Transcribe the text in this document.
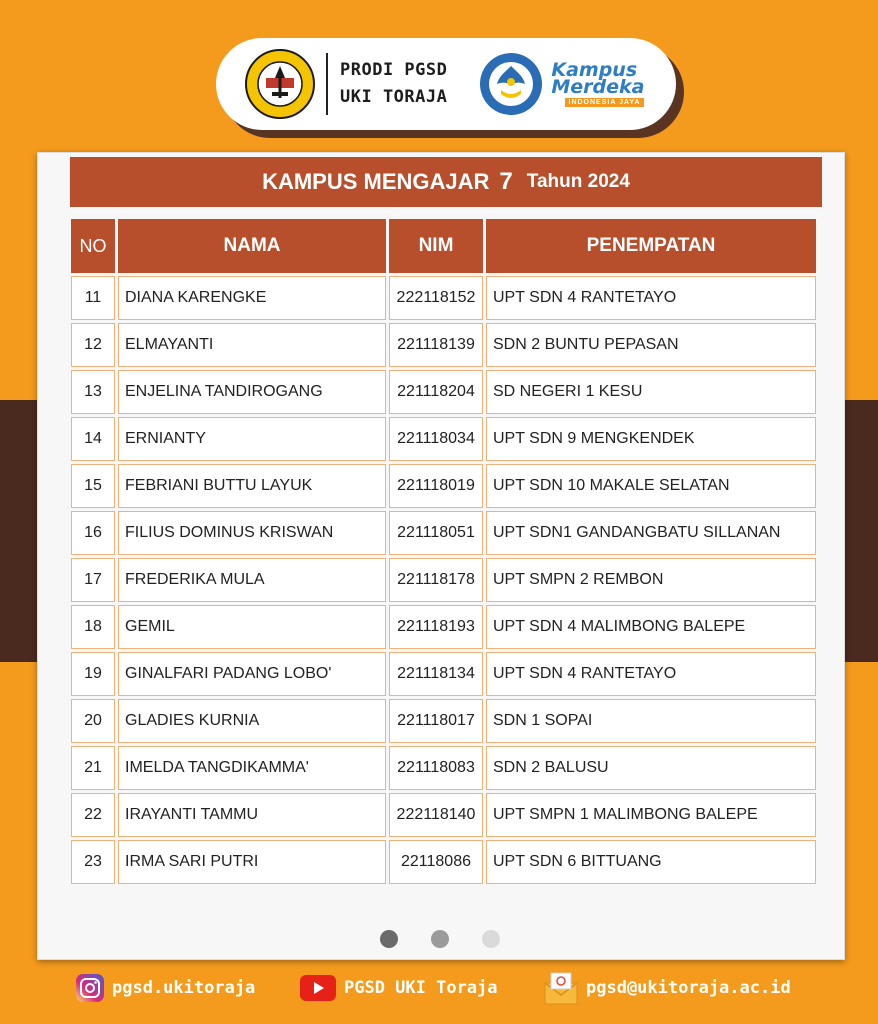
PRODI PGSD
UKI TORAJA
Kampus
Merdeka
INDONESIA JAYA
KAMPUS MENGAJAR 7 Tahun 2024
NO	NAMA	NIM	PENEMPATAN
11	DIANA KARENGKE	222118152	UPT SDN 4 RANTETAYO
12	ELMAYANTI	221118139	SDN 2 BUNTU PEPASAN
13	ENJELINA TANDIROGANG	221118204	SD NEGERI 1 KESU
14	ERNIANTY	221118034	UPT SDN 9 MENGKENDEK
15	FEBRIANI BUTTU LAYUK	221118019	UPT SDN 10 MAKALE SELATAN
16	FILIUS DOMINUS KRISWAN	221118051	UPT SDN1 GANDANGBATU SILLANAN
17	FREDERIKA MULA	221118178	UPT SMPN 2 REMBON
18	GEMIL	221118193	UPT SDN 4 MALIMBONG BALEPE
19	GINALFARI PADANG LOBO'	221118134	UPT SDN 4 RANTETAYO
20	GLADIES KURNIA	221118017	SDN 1 SOPAI
21	IMELDA TANGDIKAMMA'	221118083	SDN 2 BALUSU
22	IRAYANTI TAMMU	222118140	UPT SMPN 1 MALIMBONG BALEPE
23	IRMA SARI PUTRI	22118086	UPT SDN 6 BITTUANG
pgsd.ukitoraja	PGSD UKI Toraja	pgsd@ukitoraja.ac.id
